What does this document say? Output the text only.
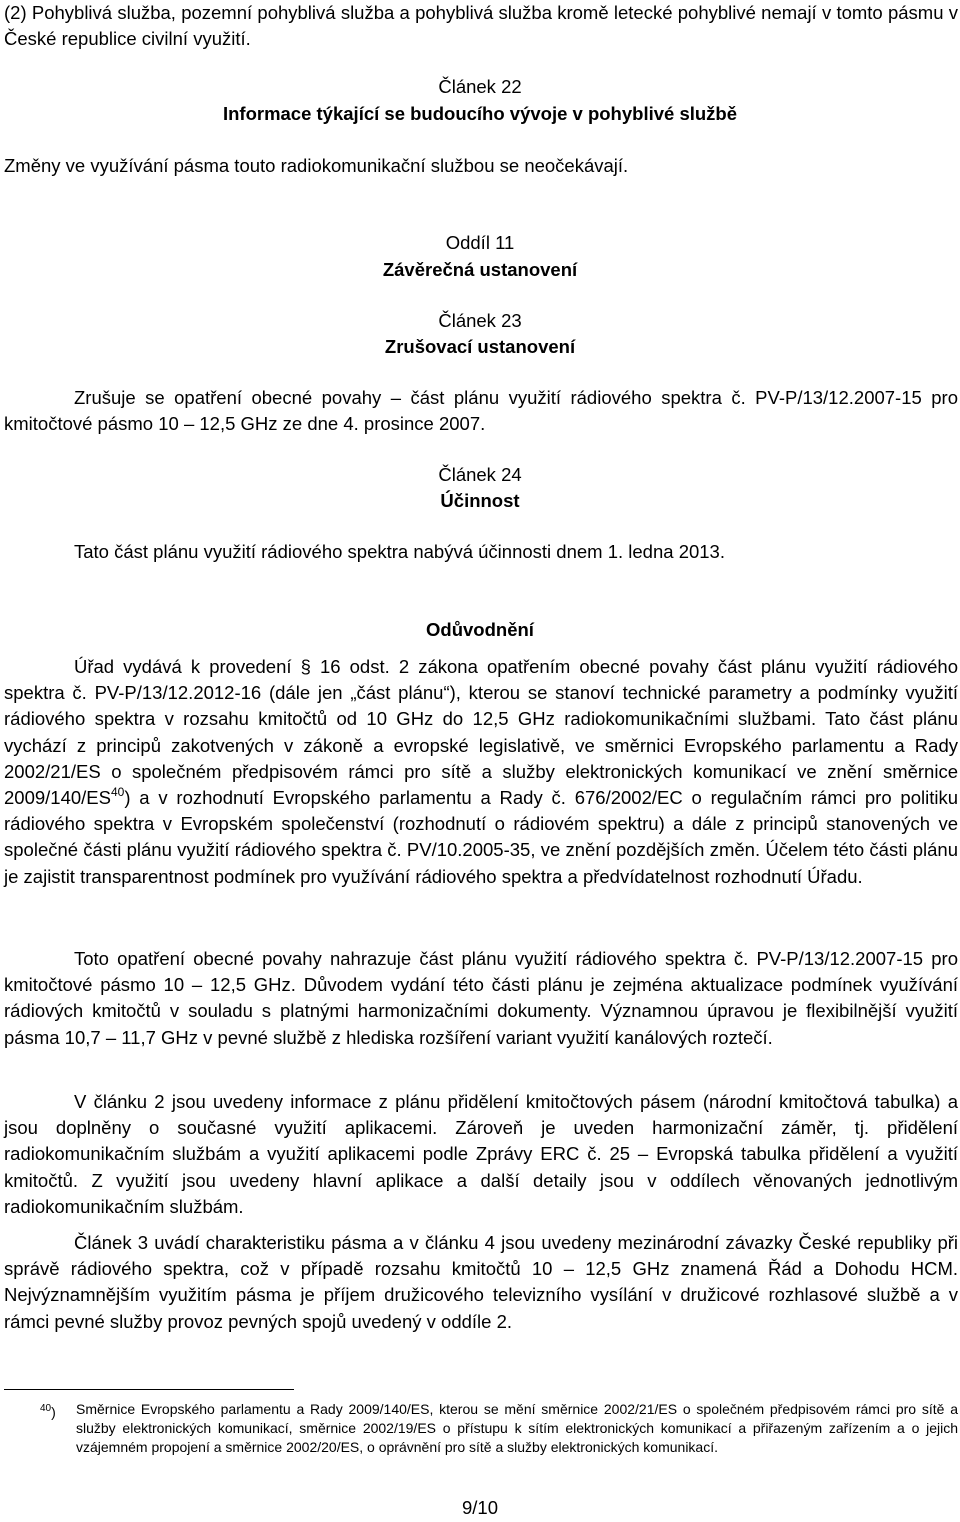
(2) Pohyblivá služba, pozemní pohyblivá služba a pohyblivá služba kromě letecké pohyblivé nemají v tomto pásmu v České republice civilní využití.

Článek 22

Informace týkající se budoucího vývoje v pohyblivé službě

Změny ve využívání pásma touto radiokomunikační službou se neočekávají.

Oddíl 11

Závěrečná ustanovení

Článek 23

Zrušovací ustanovení

Zrušuje se opatření obecné povahy – část plánu využití rádiového spektra č. PV-P/13/12.2007-15 pro kmitočtové pásmo 10 – 12,5 GHz ze dne 4. prosince 2007.

Článek 24

Účinnost

Tato část plánu využití rádiového spektra nabývá účinnosti dnem 1. ledna 2013.

Odůvodnění

Úřad vydává k provedení § 16 odst. 2 zákona opatřením obecné povahy část plánu využití rádiového spektra č. PV-P/13/12.2012-16 (dále jen „část plánu“), kterou se stanoví technické parametry a podmínky využití rádiového spektra v rozsahu kmitočtů od 10 GHz do 12,5 GHz radiokomunikačními službami. Tato část plánu vychází z principů zakotvených v zákoně a evropské legislativě, ve směrnici Evropského parlamentu a Rady 2002/21/ES o společném předpisovém rámci pro sítě a služby elektronických komunikací ve znění směrnice 2009/140/ES$^{40}$) a v rozhodnutí Evropského parlamentu a Rady č. 676/2002/EC o regulačním rámci pro politiku rádiového spektra v Evropském společenství (rozhodnutí o rádiovém spektru) a dále z principů stanovených ve společné části plánu využití rádiového spektra č. PV/10.2005-35, ve znění pozdějších změn. Účelem této části plánu je zajistit transparentnost podmínek pro využívání rádiového spektra a předvídatelnost rozhodnutí Úřadu.

Toto opatření obecné povahy nahrazuje část plánu využití rádiového spektra č. PV-P/13/12.2007-15 pro kmitočtové pásmo 10 – 12,5 GHz. Důvodem vydání této části plánu je zejména aktualizace podmínek využívání rádiových kmitočtů v souladu s platnými harmonizačními dokumenty. Významnou úpravou je flexibilnější využití pásma 10,7 – 11,7 GHz v pevné službě z hlediska rozšíření variant využití kanálových roztečí.

V článku 2 jsou uvedeny informace z plánu přidělení kmitočtových pásem (národní kmitočtová tabulka) a jsou doplněny o současné využití aplikacemi. Zároveň je uveden harmonizační záměr, tj. přidělení radiokomunikačním službám a využití aplikacemi podle Zprávy ERC č. 25 – Evropská tabulka přidělení a využití kmitočtů. Z využití jsou uvedeny hlavní aplikace a další detaily jsou v oddílech věnovaných jednotlivým radiokomunikačním službám.

Článek 3 uvádí charakteristiku pásma a v článku 4 jsou uvedeny mezinárodní závazky České republiky při správě rádiového spektra, což v případě rozsahu kmitočtů 10 – 12,5 GHz znamená Řád a Dohodu HCM. Nejvýznamnějším využitím pásma je příjem družicového televizního vysílání v družicové rozhlasové službě a v rámci pevné služby provoz pevných spojů uvedený v oddíle 2.

$^{40}$) Směrnice Evropského parlamentu a Rady 2009/140/ES, kterou se mění směrnice 2002/21/ES o společném předpisovém rámci pro sítě a služby elektronických komunikací, směrnice 2002/19/ES o přístupu k sítím elektronických komunikací a přiřazeným zařízením a o jejich vzájemném propojení a směrnice 2002/20/ES, o oprávnění pro sítě a služby elektronických komunikací.

9/10
